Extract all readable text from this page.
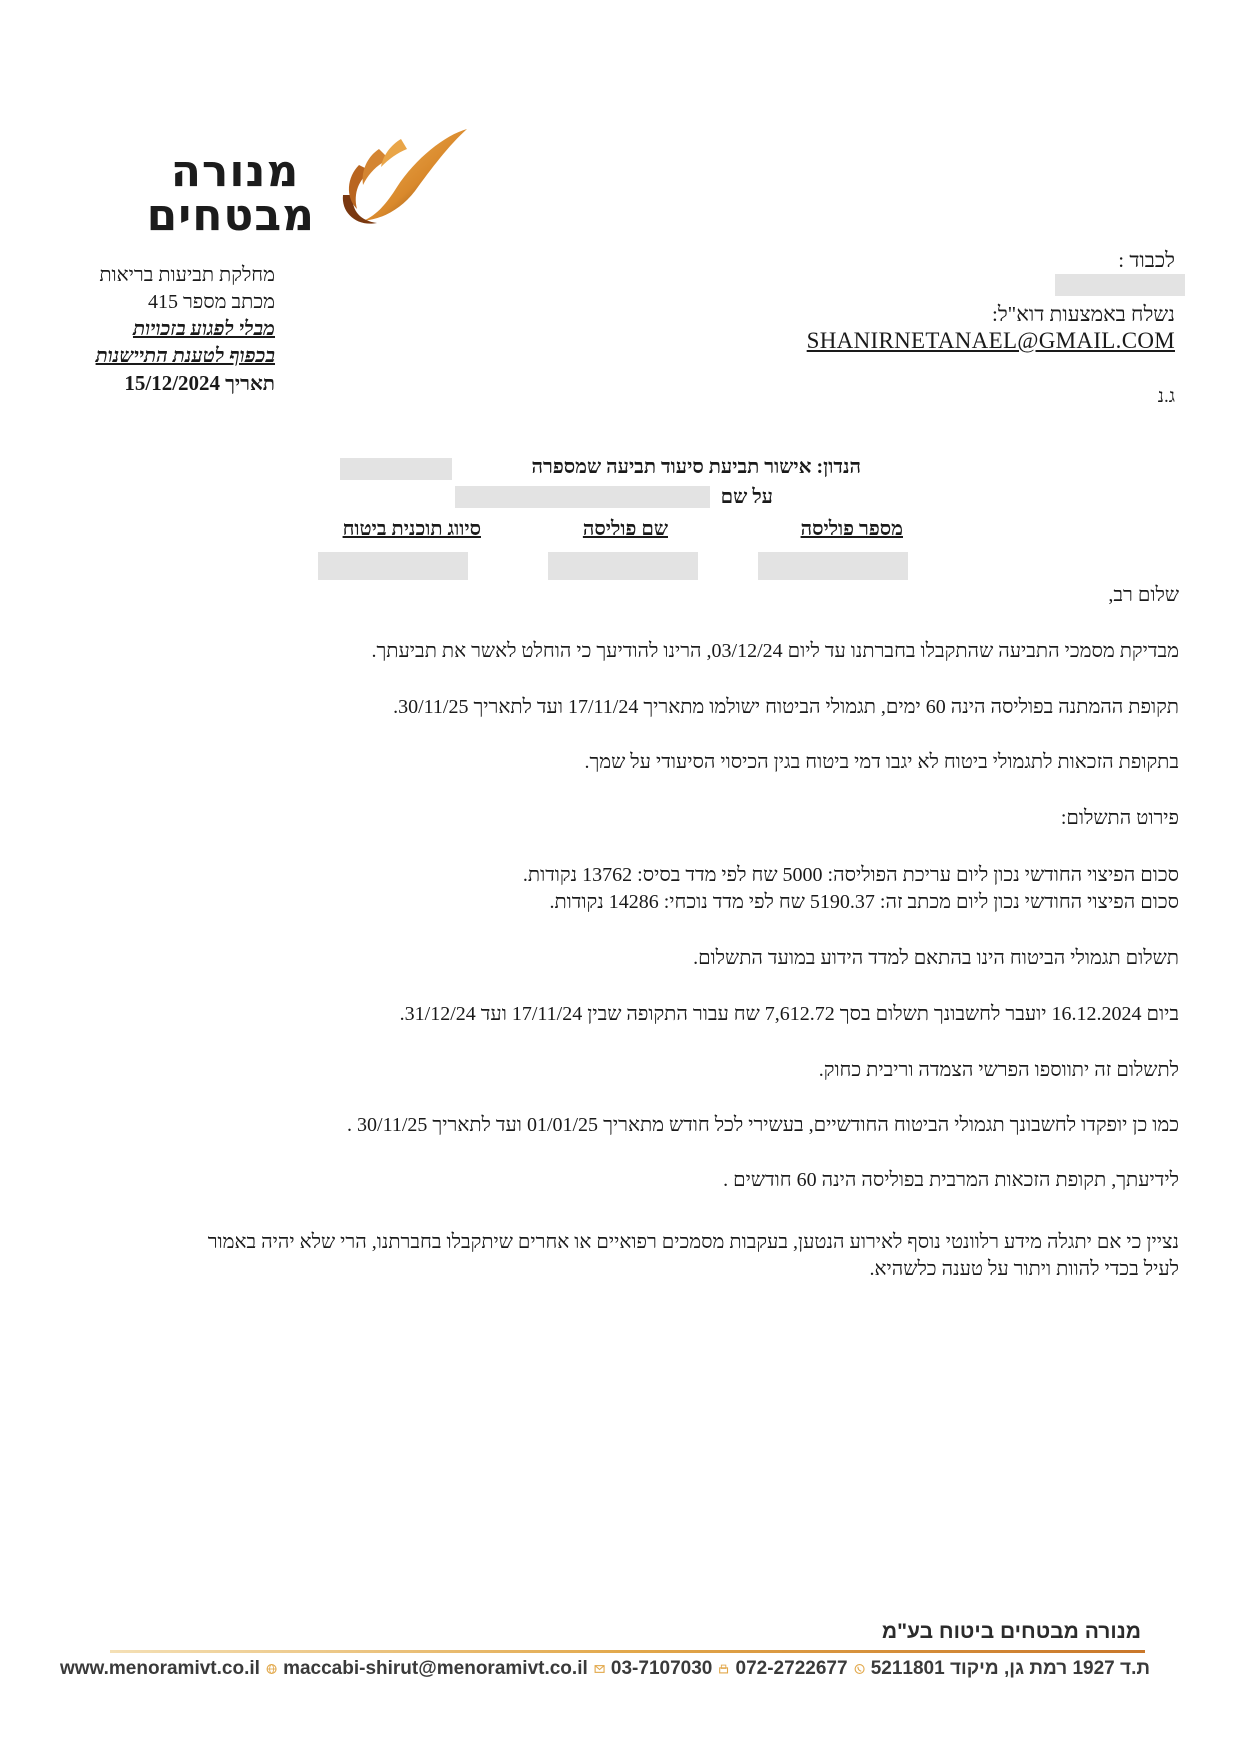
מנורה
מבטחים
מחלקת תביעות בריאות
מכתב מספר 415
מבלי לפגוע בזכויות
בכפוף לטענת התיישנות
תאריך 15/12/2024
לכבוד :
נשלח באמצעות דוא"ל:
SHANIRNETANAEL@GMAIL.COM
ג.נ
הנדון: אישור תביעת סיעוד תביעה שמספרה
על שם
מספר פוליסה
שם פוליסה
סיווג תוכנית ביטוח
שלום רב,
מבדיקת מסמכי התביעה שהתקבלו בחברתנו עד ליום 03/12/24, הרינו להודיעך כי הוחלט לאשר את תביעתך.
תקופת ההמתנה בפוליסה הינה 60 ימים, תגמולי הביטוח ישולמו מתאריך 17/11/24 ועד לתאריך 30/11/25.
בתקופת הזכאות לתגמולי ביטוח לא יגבו דמי ביטוח בגין הכיסוי הסיעודי על שמך.
פירוט התשלום:
סכום הפיצוי החודשי נכון ליום עריכת הפוליסה: 5000 שח לפי מדד בסיס: 13762 נקודות.
סכום הפיצוי החודשי נכון ליום מכתב זה: 5190.37 שח לפי מדד נוכחי: 14286 נקודות.
תשלום תגמולי הביטוח הינו בהתאם למדד הידוע במועד התשלום.
ביום 16.12.2024 יועבר לחשבונך תשלום בסך 7,612.72 שח עבור התקופה שבין 17/11/24 ועד 31/12/24.
לתשלום זה יתווספו הפרשי הצמדה וריבית כחוק.
כמו כן יופקדו לחשבונך תגמולי הביטוח החודשיים, בעשירי לכל חודש מתאריך 01/01/25 ועד לתאריך 30/11/25 .
לידיעתך, תקופת הזכאות המרבית בפוליסה הינה 60 חודשים .
נציין כי אם יתגלה מידע רלוונטי נוסף לאירוע הנטען, בעקבות מסמכים רפואיים או אחרים שיתקבלו בחברתנו, הרי שלא יהיה באמור
לעיל בכדי להוות ויתור על טענה כלשהיא.
מנורה מבטחים ביטוח בע"מ
www.menoramivt.co.il maccabi-shirut@menoramivt.co.il 03-7107030 072-2722677 ת.ד 1927 רמת גן, מיקוד 5211801
